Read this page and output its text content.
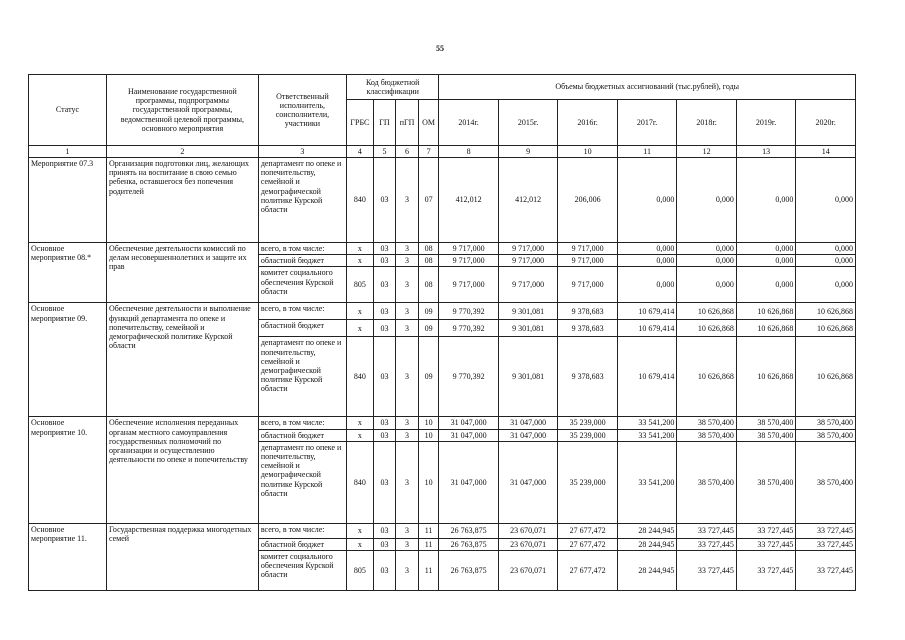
55
Статус	Наименование государственной программы, подпрограммы государственной программы, ведомственной целевой программы, основного мероприятия	Ответственный исполнитель, соисполнители, участники	Код бюджетной классификации				Объемы бюджетных ассигнований (тыс.рублей), годы						
			ГРБС	ГП	пГП	ОМ	2014г.	2015г.	2016г.	2017г.	2018г.	2019г.	2020г.
1	2	3	4	5	6	7	8	9	10	11	12	13	14
Мероприятие 07.3	Организация подготовки лиц, желающих принять на воспитание в свою семью ребенка, оставшегося без попечения родителей	департамент по опеке и попечительству, семейной и демографической политике Курской области	840	03	3	07	412,012	412,012	206,006	0,000	0,000	0,000	0,000
Основное мероприятие 08.*	Обеспечение деятельности комиссий по делам несовершеннолетних и защите их прав	всего, в том числе:	x	03	3	08	9 717,000	9 717,000	9 717,000	0,000	0,000	0,000	0,000
		областной бюджет	x	03	3	08	9 717,000	9 717,000	9 717,000	0,000	0,000	0,000	0,000
		комитет социального обеспечения Курской области	805	03	3	08	9 717,000	9 717,000	9 717,000	0,000	0,000	0,000	0,000
Основное мероприятие 09.	Обеспечение деятельности и выполнение функций департамента по опеке и попечительству, семейной и демографической политике Курской области	всего, в том числе:	x	03	3	09	9 770,392	9 301,081	9 378,683	10 679,414	10 626,868	10 626,868	10 626,868
		областной бюджет	x	03	3	09	9 770,392	9 301,081	9 378,683	10 679,414	10 626,868	10 626,868	10 626,868
		департамент по опеке и попечительству, семейной и демографической политике Курской области	840	03	3	09	9 770,392	9 301,081	9 378,683	10 679,414	10 626,868	10 626,868	10 626,868
Основное мероприятие 10.	Обеспечение исполнения переданных органам местного самоуправления государственных полномочий по организации и осуществлению деятельности по опеке и попечительству	всего, в том числе:	x	03	3	10	31 047,000	31 047,000	35 239,000	33 541,200	38 570,400	38 570,400	38 570,400
		областной бюджет	x	03	3	10	31 047,000	31 047,000	35 239,000	33 541,200	38 570,400	38 570,400	38 570,400
		департамент по опеке и попечительству, семейной и демографической политике Курской области	840	03	3	10	31 047,000	31 047,000	35 239,000	33 541,200	38 570,400	38 570,400	38 570,400
Основное мероприятие 11.	Государственная поддержка многодетных семей	всего, в том числе:	x	03	3	11	26 763,875	23 670,071	27 677,472	28 244,945	33 727,445	33 727,445	33 727,445
		областной бюджет	x	03	3	11	26 763,875	23 670,071	27 677,472	28 244,945	33 727,445	33 727,445	33 727,445
		комитет социального обеспечения Курской области	805	03	3	11	26 763,875	23 670,071	27 677,472	28 244,945	33 727,445	33 727,445	33 727,445
